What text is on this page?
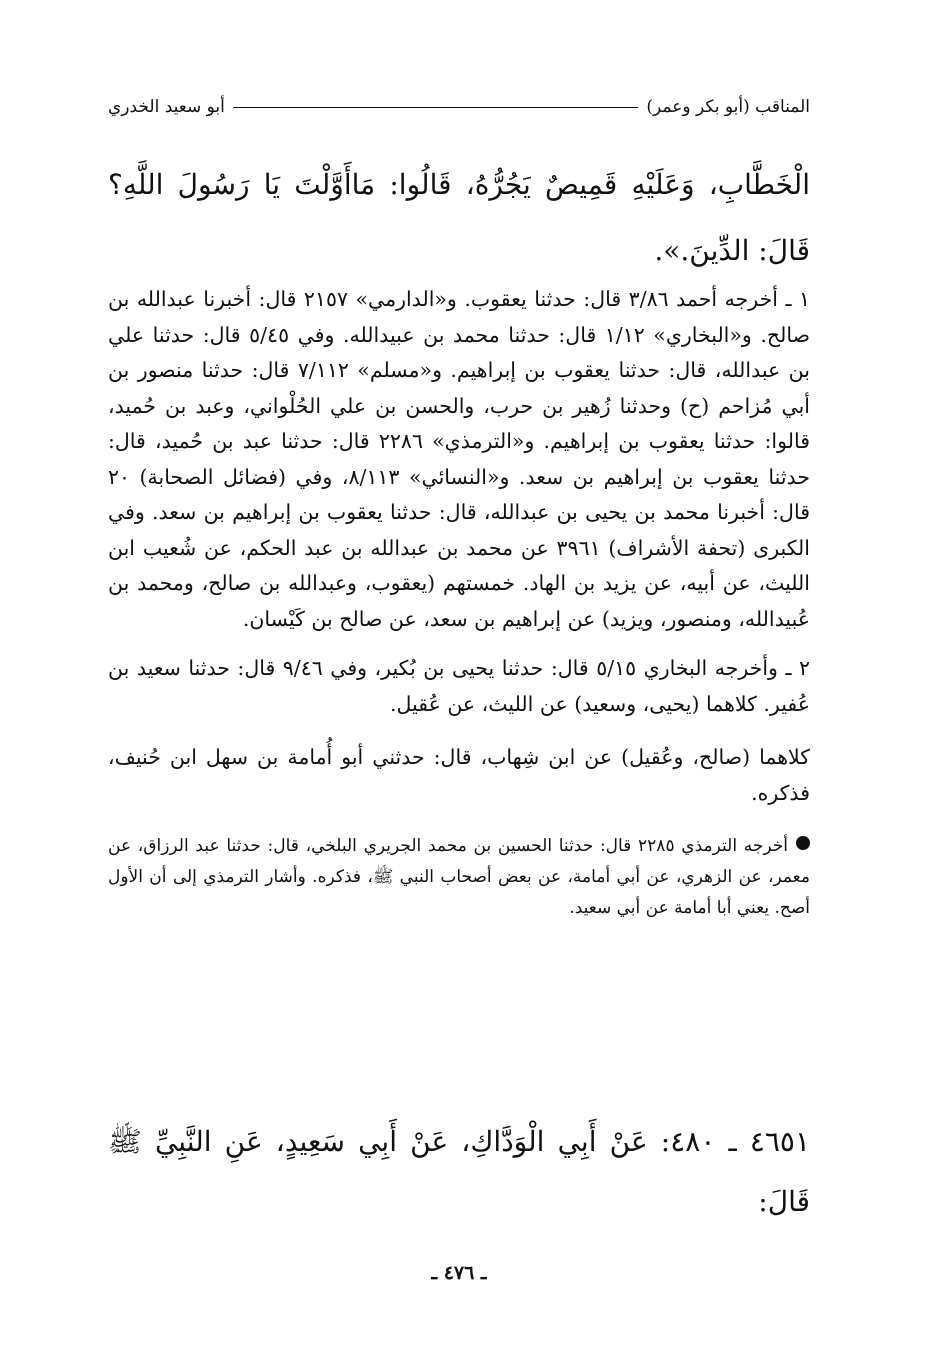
المناقب (أبو بكر وعمر)
أبو سعيد الخدري
الْخَطَّابِ، وَعَلَيْهِ قَمِيصٌ يَجُرُّهُ، قَالُوا: مَاأَوَّلْتَ يَا رَسُولَ اللَّهِ؟ قَالَ: الدِّينَ.».

١ ـ أخرجه أحمد ٣/٨٦ قال: حدثنا يعقوب. و«الدارمي» ٢١٥٧ قال: أخبرنا عبدالله بن صالح. و«البخاري» ١/١٢ قال: حدثنا محمد بن عبيدالله. وفي ٥/٤٥ قال: حدثنا علي بن عبدالله، قال: حدثنا يعقوب بن إبراهيم. و«مسلم» ٧/١١٢ قال: حدثنا منصور بن أبي مُزاحم (ح) وحدثنا زُهير بن حرب، والحسن بن علي الحُلْواني، وعبد بن حُميد، قالوا: حدثنا يعقوب بن إبراهيم. و«الترمذي» ٢٢٨٦ قال: حدثنا عبد بن حُميد، قال: حدثنا يعقوب بن إبراهيم بن سعد. و«النسائي» ٨/١١٣، وفي (فضائل الصحابة) ٢٠ قال: أخبرنا محمد بن يحيى بن عبدالله، قال: حدثنا يعقوب بن إبراهيم بن سعد. وفي الكبرى (تحفة الأشراف) ٣٩٦١ عن محمد بن عبدالله بن عبد الحكم، عن شُعيب ابن الليث، عن أبيه، عن يزيد بن الهاد. خمستهم (يعقوب، وعبدالله بن صالح، ومحمد بن عُبيدالله، ومنصور، ويزيد) عن إبراهيم بن سعد، عن صالح بن كَيْسان.

٢ ـ وأخرجه البخاري ٥/١٥ قال: حدثنا يحيى بن بُكير، وفي ٩/٤٦ قال: حدثنا سعيد بن عُفير. كلاهما (يحيى، وسعيد) عن الليث، عن عُقيل.

كلاهما (صالح، وعُقيل) عن ابن شِهاب، قال: حدثني أبو أُمامة بن سهل ابن حُنيف، فذكره.

أخرجه الترمذي ٢٢٨٥ قال: حدثنا الحسين بن محمد الجريري البلخي، قال: حدثنا عبد الرزاق، عن معمر، عن الزهري، عن أبي أمامة، عن بعض أصحاب النبي ﷺ، فذكره. وأشار الترمذي إلى أن الأول أصح. يعني أبا أمامة عن أبي سعيد.

٤٦٥١ ـ ٤٨٠: عَنْ أَبِي الْوَدَّاكِ، عَنْ أَبِي سَعِيدٍ، عَنِ النَّبِيِّ ﷺ قَالَ:
ـ ٤٧٦ ـ
